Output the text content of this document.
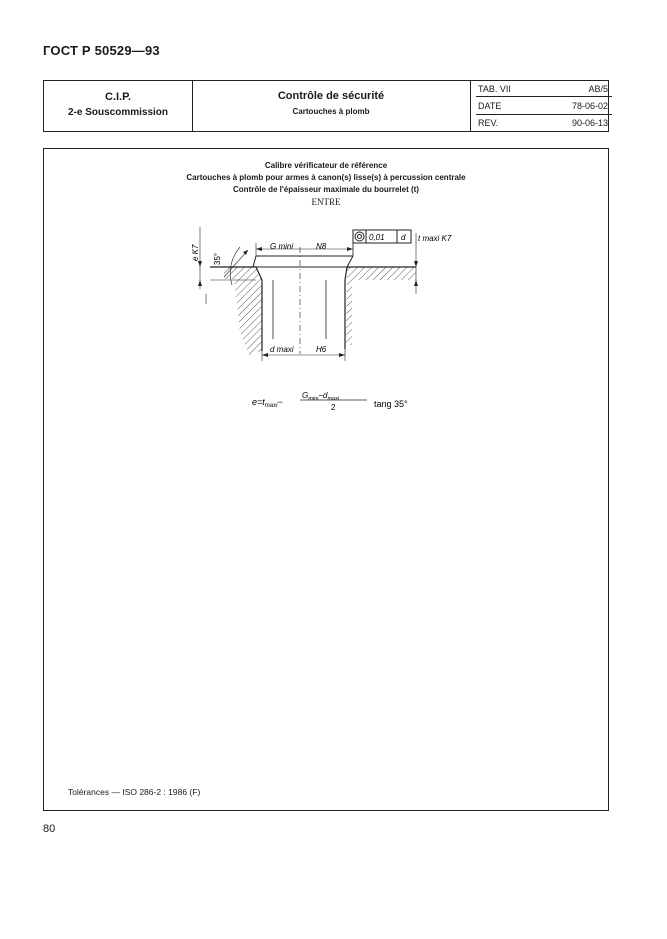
ГОСТ Р 50529—93
C.I.P.
2-e Souscommission
Contrôle de sécurité
Cartouches à plomb
TAB. VII	AB/5
DATE	78-06-02
REV.	90-06-13
Calibre vérificateur de référence
Cartouches à plomb pour armes à canon(s) lisse(s) à percussion centrale
Contrôle de l'épaisseur maximale du bourrelet (t)
ENTRE
G mini	N8
e K7 35°
0,01 d t maxi K7
d maxi	H6
$e=t_{maxi}-$
$G_{mini}-d_{maxi}$
2	tang 35°
Tolérances — ISO 286-2 : 1986 (F)
80
